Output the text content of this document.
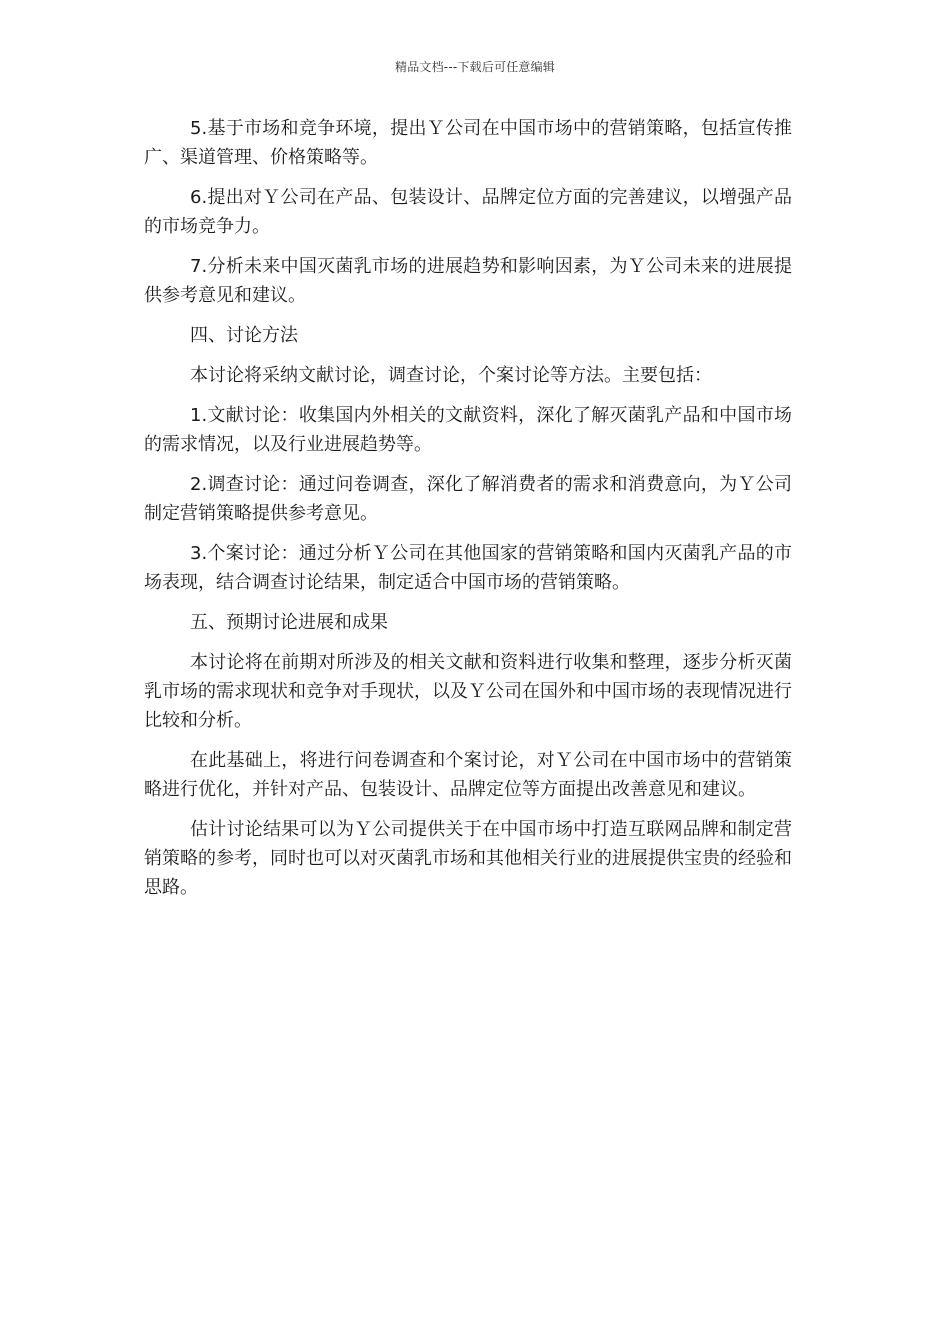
精品文档---下载后可任意编辑

5.基于市场和竞争环境，提出Ｙ公司在中国市场中的营销策略，包括宣传推广、渠道管理、价格策略等。

6.提出对Ｙ公司在产品、包装设计、品牌定位方面的完善建议，以增强产品的市场竞争力。

7.分析未来中国灭菌乳市场的进展趋势和影响因素，为Ｙ公司未来的进展提供参考意见和建议。

四、讨论方法

本讨论将采纳文献讨论，调查讨论，个案讨论等方法。主要包括：

1.文献讨论：收集国内外相关的文献资料，深化了解灭菌乳产品和中国市场的需求情况，以及行业进展趋势等。

2.调查讨论：通过问卷调查，深化了解消费者的需求和消费意向，为Ｙ公司制定营销策略提供参考意见。

3.个案讨论：通过分析Ｙ公司在其他国家的营销策略和国内灭菌乳产品的市场表现，结合调查讨论结果，制定适合中国市场的营销策略。

五、预期讨论进展和成果

本讨论将在前期对所涉及的相关文献和资料进行收集和整理，逐步分析灭菌乳市场的需求现状和竞争对手现状，以及Ｙ公司在国外和中国市场的表现情况进行比较和分析。

在此基础上，将进行问卷调查和个案讨论，对Ｙ公司在中国市场中的营销策略进行优化，并针对产品、包装设计、品牌定位等方面提出改善意见和建议。

估计讨论结果可以为Ｙ公司提供关于在中国市场中打造互联网品牌和制定营销策略的参考，同时也可以对灭菌乳市场和其他相关行业的进展提供宝贵的经验和思路。
